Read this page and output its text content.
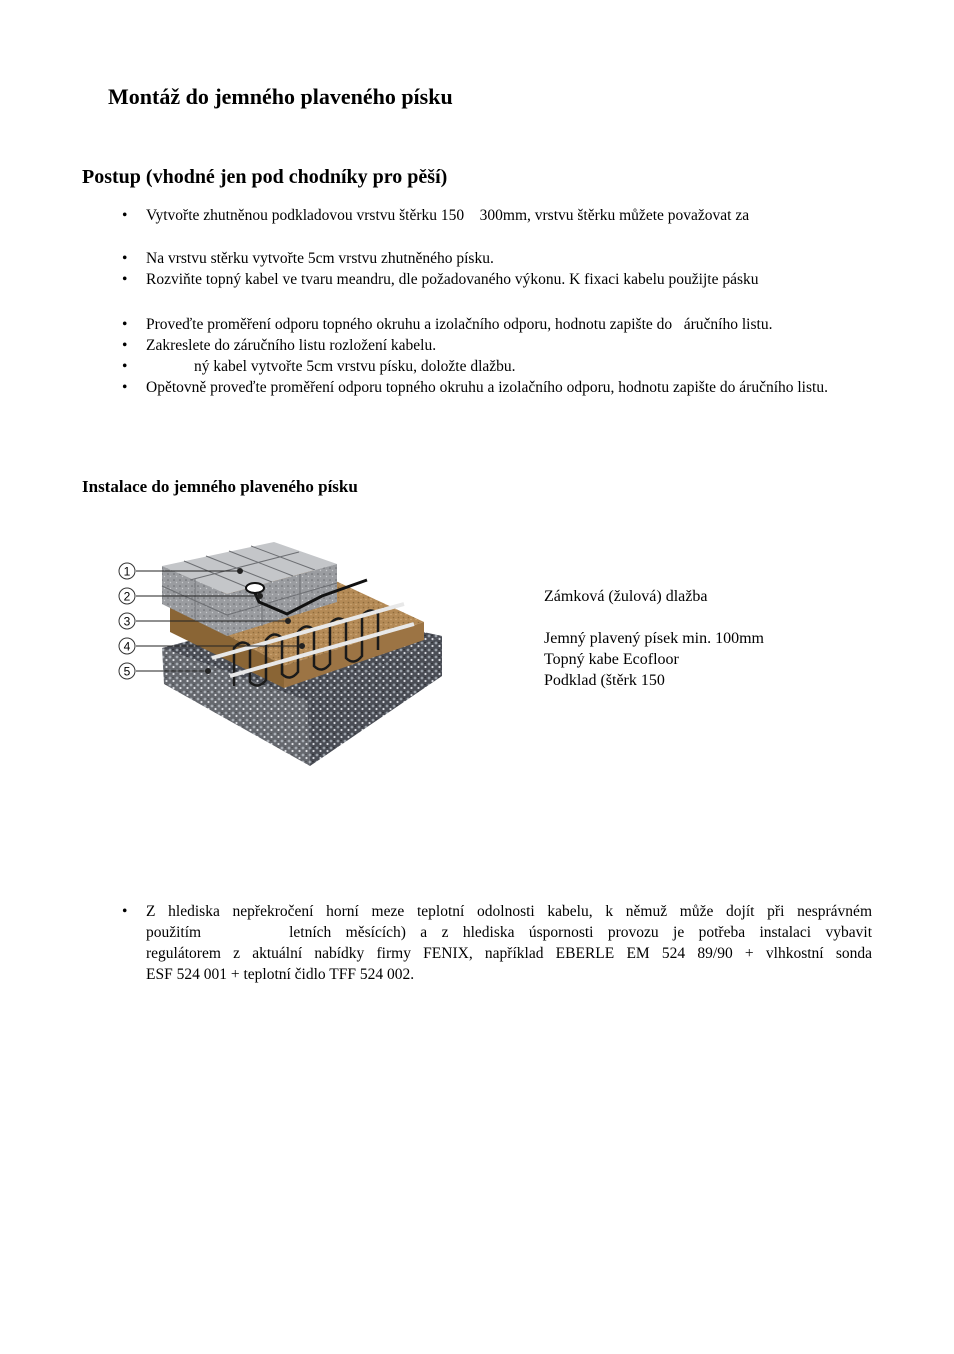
Montáž do jemného plaveného písku
Postup (vhodné jen pod chodníky pro pěší)
• Vytvořte zhutněnou podkladovou vrstvu štěrku 150    300mm, vrstvu štěrku můžete považovat za
• Na vrstvu stěrku vytvořte 5cm vrstvu zhutněného písku.
• Rozviňte topný kabel ve tvaru meandru, dle požadovaného výkonu. K fixaci kabelu použijte pásku
• Proveďte proměření odporu topného okruhu a izolačního odporu, hodnotu zapište do   áručního listu.
• Zakreslete do záručního listu rozložení kabelu.
• ný kabel vytvořte 5cm vrstvu písku, doložte dlažbu.
• Opětovně proveďte proměření odporu topného okruhu a izolačního odporu, hodnotu zapište do áručního listu.
Instalace do jemného plaveného písku
1
2
3
4
5
Zámková (žulová) dlažba
Jemný plavený písek min. 100mm
Topný kabe Ecofloor
Podklad (štěrk 150
• Z hlediska nepřekročení horní meze teplotní odolnosti kabelu, k němuž může dojít při nesprávném
použitím	letních měsících) a z hlediska úspornosti provozu je potřeba instalaci vybavit
regulátorem z aktuální nabídky firmy FENIX, například EBERLE EM 524 89/90 + vlhkostní sonda
ESF 524 001 + teplotní čidlo TFF 524 002.
